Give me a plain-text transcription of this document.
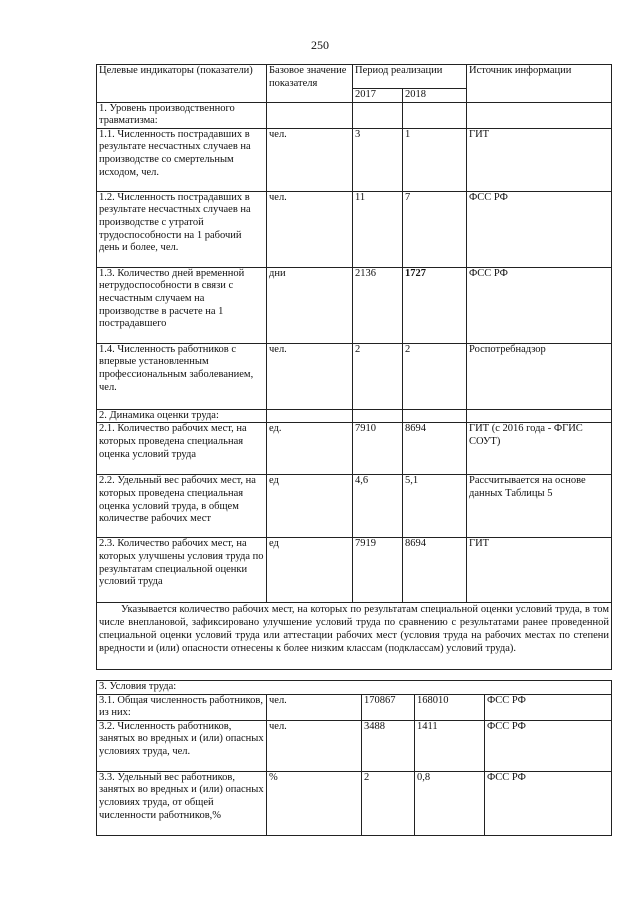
250
Целевые индикаторы (показатели)	Базовое значение показателя	Период реализации		Источник информации
		2017	2018	
1. Уровень производственного травматизма:				
1.1. Численность пострадавших в результате несчастных случаев на производстве со смертельным исходом, чел.	чел.	3	1	ГИТ
1.2. Численность пострадавших в результате несчастных случаев на производстве с утратой трудоспособности на 1 рабочий день и более, чел.	чел.	11	7	ФСС РФ
1.3. Количество дней временной нетрудоспособности в связи с несчастным случаем на производстве в расчете на 1 пострадавшего	дни	2136	1727	ФСС РФ
1.4. Численность работников с впервые установленным профессиональным заболеванием, чел.	чел.	2	2	Роспотребнадзор
2. Динамика оценки труда:				
2.1. Количество рабочих мест, на которых проведена специальная оценка условий труда	ед.	7910	8694	ГИТ (с 2016 года - ФГИС СОУТ)
2.2. Удельный вес рабочих мест, на которых проведена специальная оценка условий труда, в общем количестве рабочих мест	ед	4,6	5,1	Рассчитывается на основе данных Таблицы 5
2.3. Количество рабочих мест, на которых улучшены условия труда по результатам специальной оценки условий труда	ед	7919	8694	ГИТ
Указывается количество рабочих мест, на которых по результатам специальной оценки условий труда, в том числе внеплановой, зафиксировано улучшение условий труда по сравнению с результатами ранее проведенной специальной оценки условий труда или аттестации рабочих мест (условия труда на рабочих местах по степени вредности и (или) опасности отнесены к более низким классам (подклассам) условий труда).				
3. Условия труда:				
3.1. Общая численность работников, из них:	чел.	170867	168010	ФСС РФ
3.2. Численность работников, занятых во вредных и (или) опасных условиях труда, чел.	чел.	3488	1411	ФСС РФ
3.3. Удельный вес работников, занятых во вредных и (или) опасных условиях труда, от общей численности работников,%	%	2	0,8	ФСС РФ
